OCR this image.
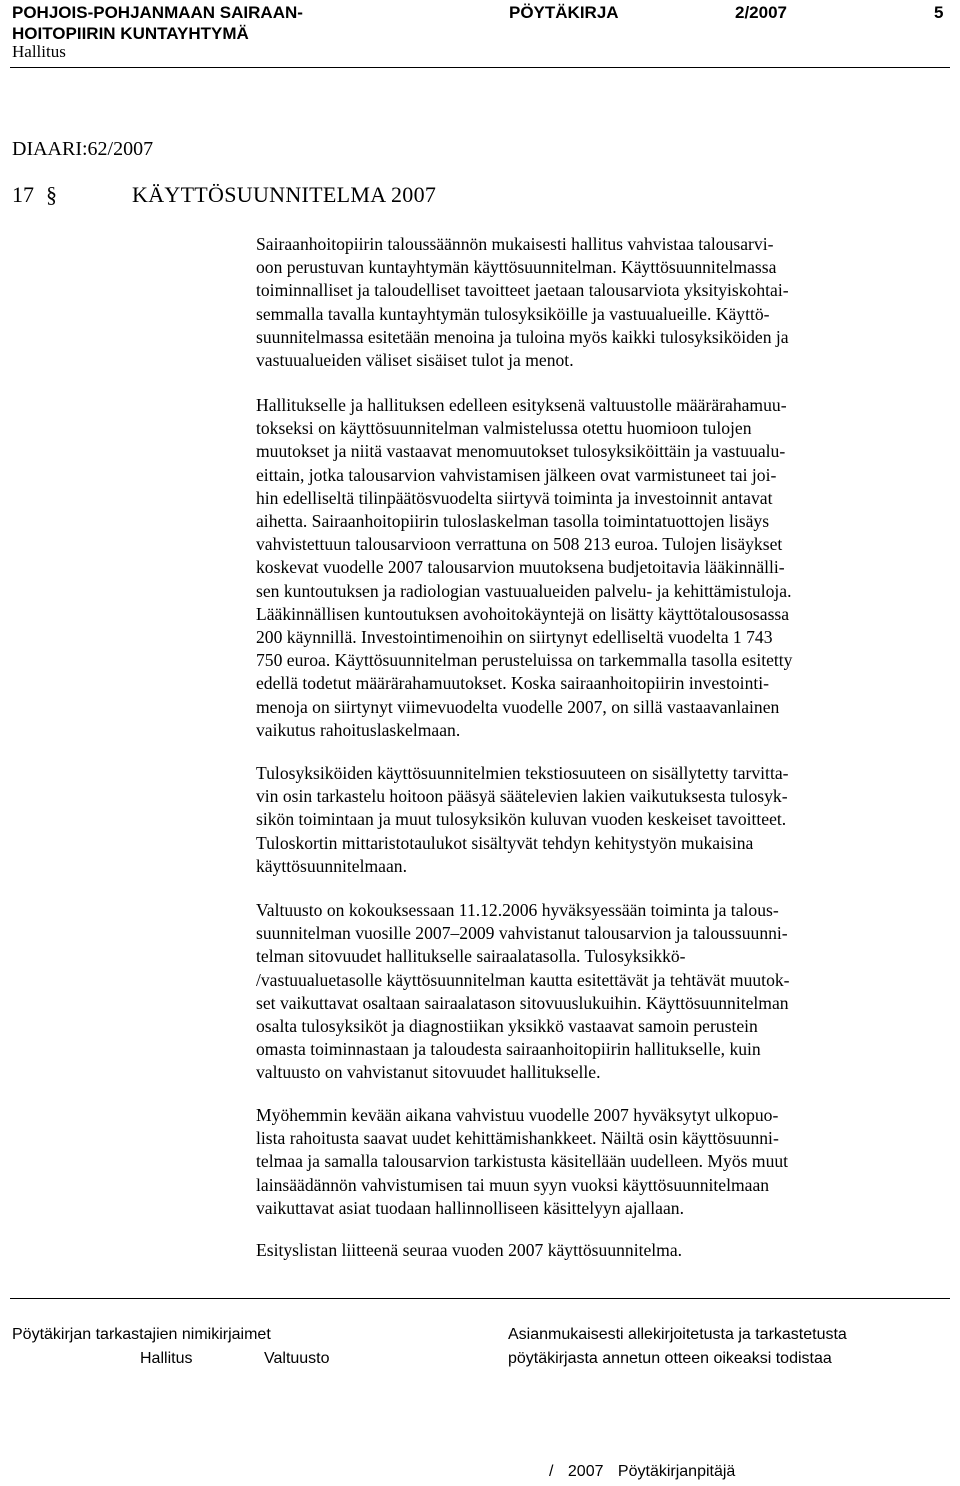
POHJOIS-POHJANMAAN SAIRAAN-
HOITOPIIRIN KUNTAYHTYMÄ
PÖYTÄKIRJA	2/2007	5
Hallitus
DIAARI:62/2007
17 §	KÄYTTÖSUUNNITELMA 2007
Sairaanhoitopiirin taloussäännön mukaisesti hallitus vahvistaa talousarvi-
oon perustuvan kuntayhtymän käyttösuunnitelman. Käyttösuunnitelmassa
toiminnalliset ja taloudelliset tavoitteet jaetaan talousarviota yksityiskohtai-
semmalla tavalla kuntayhtymän tulosyksiköille ja vastuualueille. Käyttö-
suunnitelmassa esitetään menoina ja tuloina myös kaikki tulosyksiköiden ja
vastuualueiden väliset sisäiset tulot ja menot.
Hallitukselle ja hallituksen edelleen esityksenä valtuustolle määrärahamuu-
tokseksi on käyttösuunnitelman valmistelussa otettu huomioon tulojen
muutokset ja niitä vastaavat menomuutokset tulosyksiköittäin ja vastuualu-
eittain, jotka talousarvion vahvistamisen jälkeen ovat varmistuneet tai joi-
hin edelliseltä tilinpäätösvuodelta siirtyvä toiminta ja investoinnit antavat
aihetta. Sairaanhoitopiirin tuloslaskelman tasolla toimintatuottojen lisäys
vahvistettuun talousarvioon verrattuna on 508 213 euroa. Tulojen lisäykset
koskevat vuodelle 2007 talousarvion muutoksena budjetoitavia lääkinnälli-
sen kuntoutuksen ja radiologian vastuualueiden palvelu- ja kehittämistuloja.
Lääkinnällisen kuntoutuksen avohoitokäyntejä on lisätty käyttötalousosassa
200 käynnillä. Investointimenoihin on siirtynyt edelliseltä vuodelta 1 743
750 euroa. Käyttösuunnitelman perusteluissa on tarkemmalla tasolla esitetty
edellä todetut määrärahamuutokset. Koska sairaanhoitopiirin investointi-
menoja on siirtynyt viimevuodelta vuodelle 2007, on sillä vastaavanlainen
vaikutus rahoituslaskelmaan.
Tulosyksiköiden käyttösuunnitelmien tekstiosuuteen on sisällytetty tarvitta-
vin osin tarkastelu hoitoon pääsyä säätelevien lakien vaikutuksesta tulosyk-
sikön toimintaan ja muut tulosyksikön kuluvan vuoden keskeiset tavoitteet.
Tuloskortin mittaristotaulukot sisältyvät tehdyn kehitystyön mukaisina
käyttösuunnitelmaan.
Valtuusto on kokouksessaan 11.12.2006 hyväksyessään toiminta ja talous-
suunnitelman vuosille 2007–2009 vahvistanut talousarvion ja taloussuunni-
telman sitovuudet hallitukselle sairaalatasolla. Tulosyksikkö-
/vastuualuetasolle käyttösuunnitelman kautta esitettävät ja tehtävät muutok-
set vaikuttavat osaltaan sairaalatason sitovuuslukuihin. Käyttösuunnitelman
osalta tulosyksiköt ja diagnostiikan yksikkö vastaavat samoin perustein
omasta toiminnastaan ja taloudesta sairaanhoitopiirin hallitukselle, kuin
valtuusto on vahvistanut sitovuudet hallitukselle.
Myöhemmin kevään aikana vahvistuu vuodelle 2007 hyväksytyt ulkopuo-
lista rahoitusta saavat uudet kehittämishankkeet. Näiltä osin käyttösuunni-
telmaa ja samalla talousarvion tarkistusta käsitellään uudelleen. Myös muut
lainsäädännön vahvistumisen tai muun syyn vuoksi käyttösuunnitelmaan
vaikuttavat asiat tuodaan hallinnolliseen käsittelyyn ajallaan.
Esityslistan liitteenä seuraa vuoden 2007 käyttösuunnitelma.
Pöytäkirjan tarkastajien nimikirjaimet
Hallitus	Valtuusto
Asianmukaisesti allekirjoitetusta ja tarkastetusta
pöytäkirjasta annetun otteen oikeaksi todistaa
/ 2007 Pöytäkirjanpitäjä
